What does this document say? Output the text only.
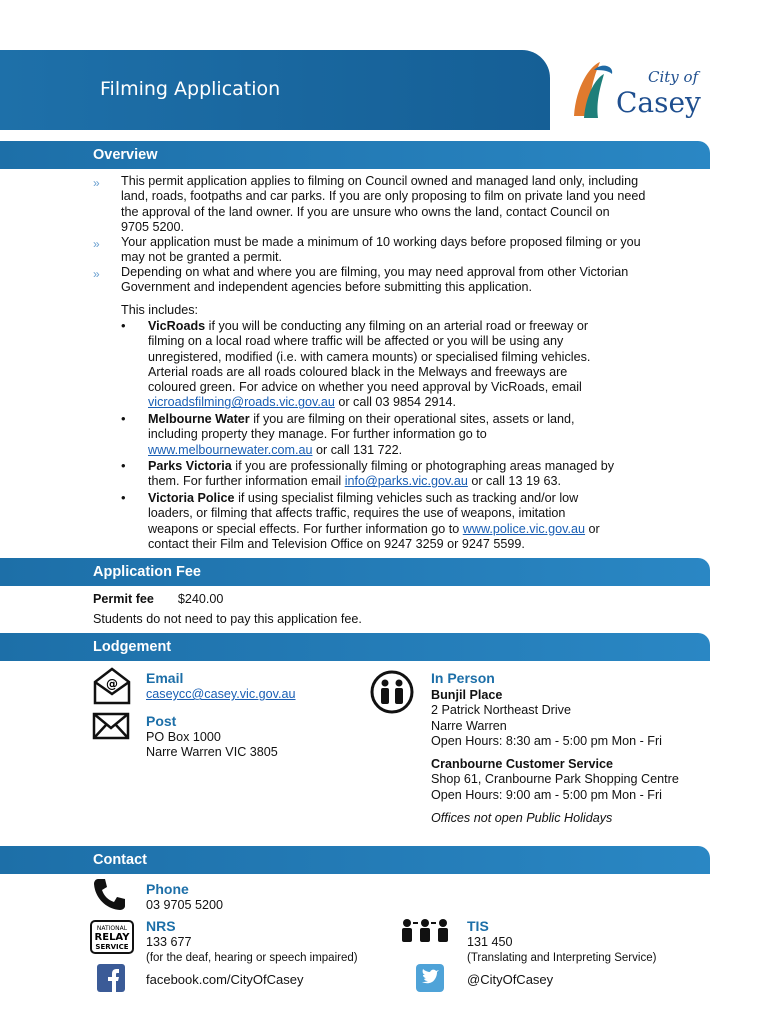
Filming Application
City of
Casey
Overview
» This permit application applies to filming on Council owned and managed land only, including
land, roads, footpaths and car parks. If you are only proposing to film on private land you need
the approval of the land owner. If you are unsure who owns the land, contact Council on
9705 5200.
» Your application must be made a minimum of 10 working days before proposed filming or you
may not be granted a permit.
» Depending on what and where you are filming, you may need approval from other Victorian
Government and independent agencies before submitting this application.
This includes:
• VicRoads if you will be conducting any filming on an arterial road or freeway or
filming on a local road where traffic will be affected or you will be using any
unregistered, modified (i.e. with camera mounts) or specialised filming vehicles.
Arterial roads are all roads coloured black in the Melways and freeways are
coloured green. For advice on whether you need approval by VicRoads, email
vicroadsfilming@roads.vic.gov.au or call 03 9854 2914.
• Melbourne Water if you are filming on their operational sites, assets or land,
including property they manage. For further information go to
www.melbournewater.com.au or call 131 722.
• Parks Victoria if you are professionally filming or photographing areas managed by
them. For further information email info@parks.vic.gov.au or call 13 19 63.
• Victoria Police if using specialist filming vehicles such as tracking and/or low
loaders, or filming that affects traffic, requires the use of weapons, imitation
weapons or special effects. For further information go to www.police.vic.gov.au or
contact their Film and Television Office on 9247 3259 or 9247 5599.
Application Fee
Permit fee $240.00
Students do not need to pay this application fee.
Lodgement
@ Email
caseycc@casey.vic.gov.au
Post
PO Box 1000
Narre Warren VIC 3805
In Person
Bunjil Place
2 Patrick Northeast Drive
Narre Warren
Open Hours: 8:30 am - 5:00 pm Mon - Fri
Cranbourne Customer Service
Shop 61, Cranbourne Park Shopping Centre
Open Hours: 9:00 am - 5:00 pm Mon - Fri
Offices not open Public Holidays
Contact
Phone
03 9705 5200
NATIONAL
RELAY
SERVICE
NRS
133 677
(for the deaf, hearing or speech impaired)
TIS
131 450
(Translating and Interpreting Service)
facebook.com/CityOfCasey	@CityOfCasey
